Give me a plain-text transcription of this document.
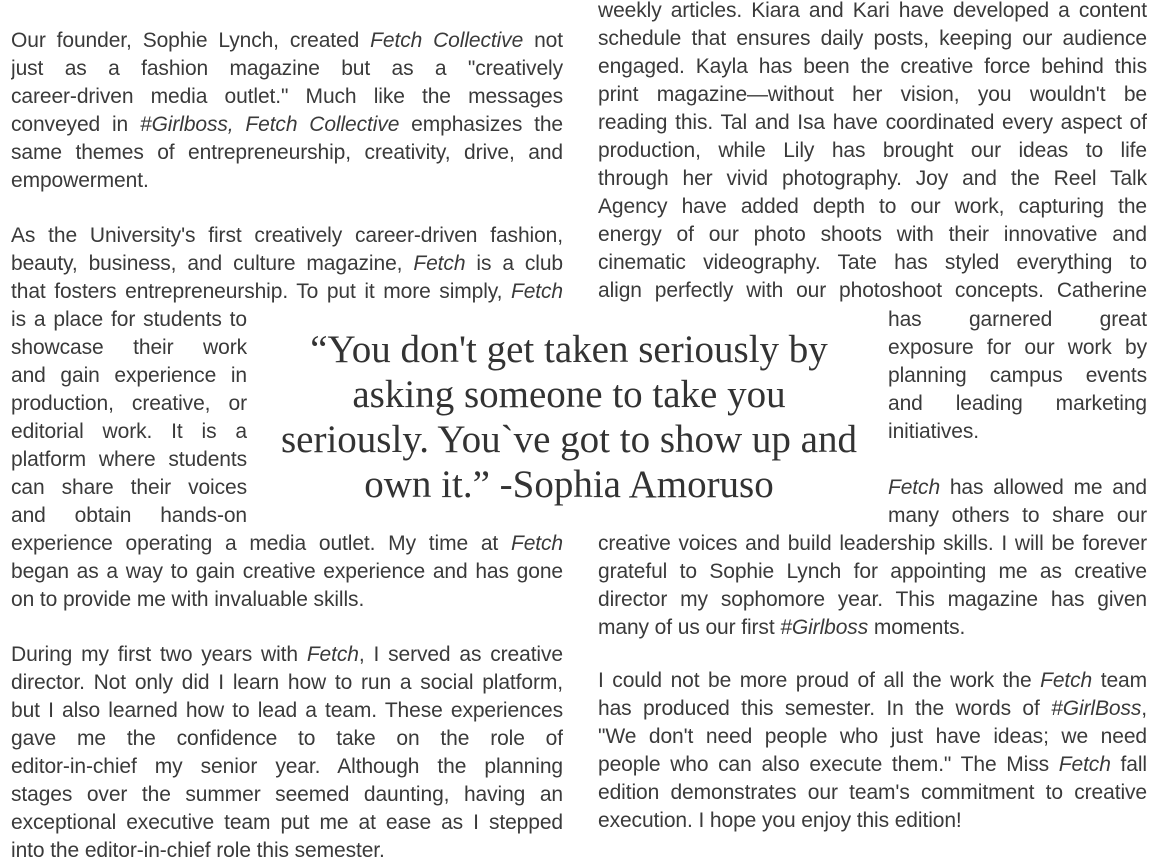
Our founder, Sophie Lynch, created Fetch Collective not
just as a fashion magazine but as a "creatively
career-driven media outlet." Much like the messages
conveyed in #Girlboss, Fetch Collective emphasizes the
same themes of entrepreneurship, creativity, drive, and
empowerment.
As the University's first creatively career-driven fashion,
beauty, business, and culture magazine, Fetch is a club
that fosters entrepreneurship. To put it more simply, Fetch
is a place for students to
showcase their work
and gain experience in
production, creative, or
editorial work. It is a
platform where students
can share their voices
and obtain hands-on
experience operating a media outlet. My time at Fetch
began as a way to gain creative experience and has gone
on to provide me with invaluable skills.
During my first two years with Fetch, I served as creative
director. Not only did I learn how to run a social platform,
but I also learned how to lead a team. These experiences
gave me the confidence to take on the role of
editor-in-chief my senior year. Although the planning
stages over the summer seemed daunting, having an
exceptional executive team put me at ease as I stepped
into the editor-in-chief role this semester.
weekly articles. Kiara and Kari have developed a content
schedule that ensures daily posts, keeping our audience
engaged. Kayla has been the creative force behind this
print magazine—without her vision, you wouldn't be
reading this. Tal and Isa have coordinated every aspect of
production, while Lily has brought our ideas to life
through her vivid photography. Joy and the Reel Talk
Agency have added depth to our work, capturing the
energy of our photo shoots with their innovative and
cinematic videography. Tate has styled everything to
align perfectly with our photoshoot concepts. Catherine
has garnered great
exposure for our work by
planning campus events
and leading marketing
initiatives.
Fetch has allowed me and
many others to share our
creative voices and build leadership skills. I will be forever
grateful to Sophie Lynch for appointing me as creative
director my sophomore year. This magazine has given
many of us our first #Girlboss moments.
I could not be more proud of all the work the Fetch team
has produced this semester. In the words of #GirlBoss,
"We don't need people who just have ideas; we need
people who can also execute them." The Miss Fetch fall
edition demonstrates our team's commitment to creative
execution. I hope you enjoy this edition!
“You don't get taken seriously by
asking someone to take you
seriously. You`ve got to show up and
own it.” -Sophia Amoruso
